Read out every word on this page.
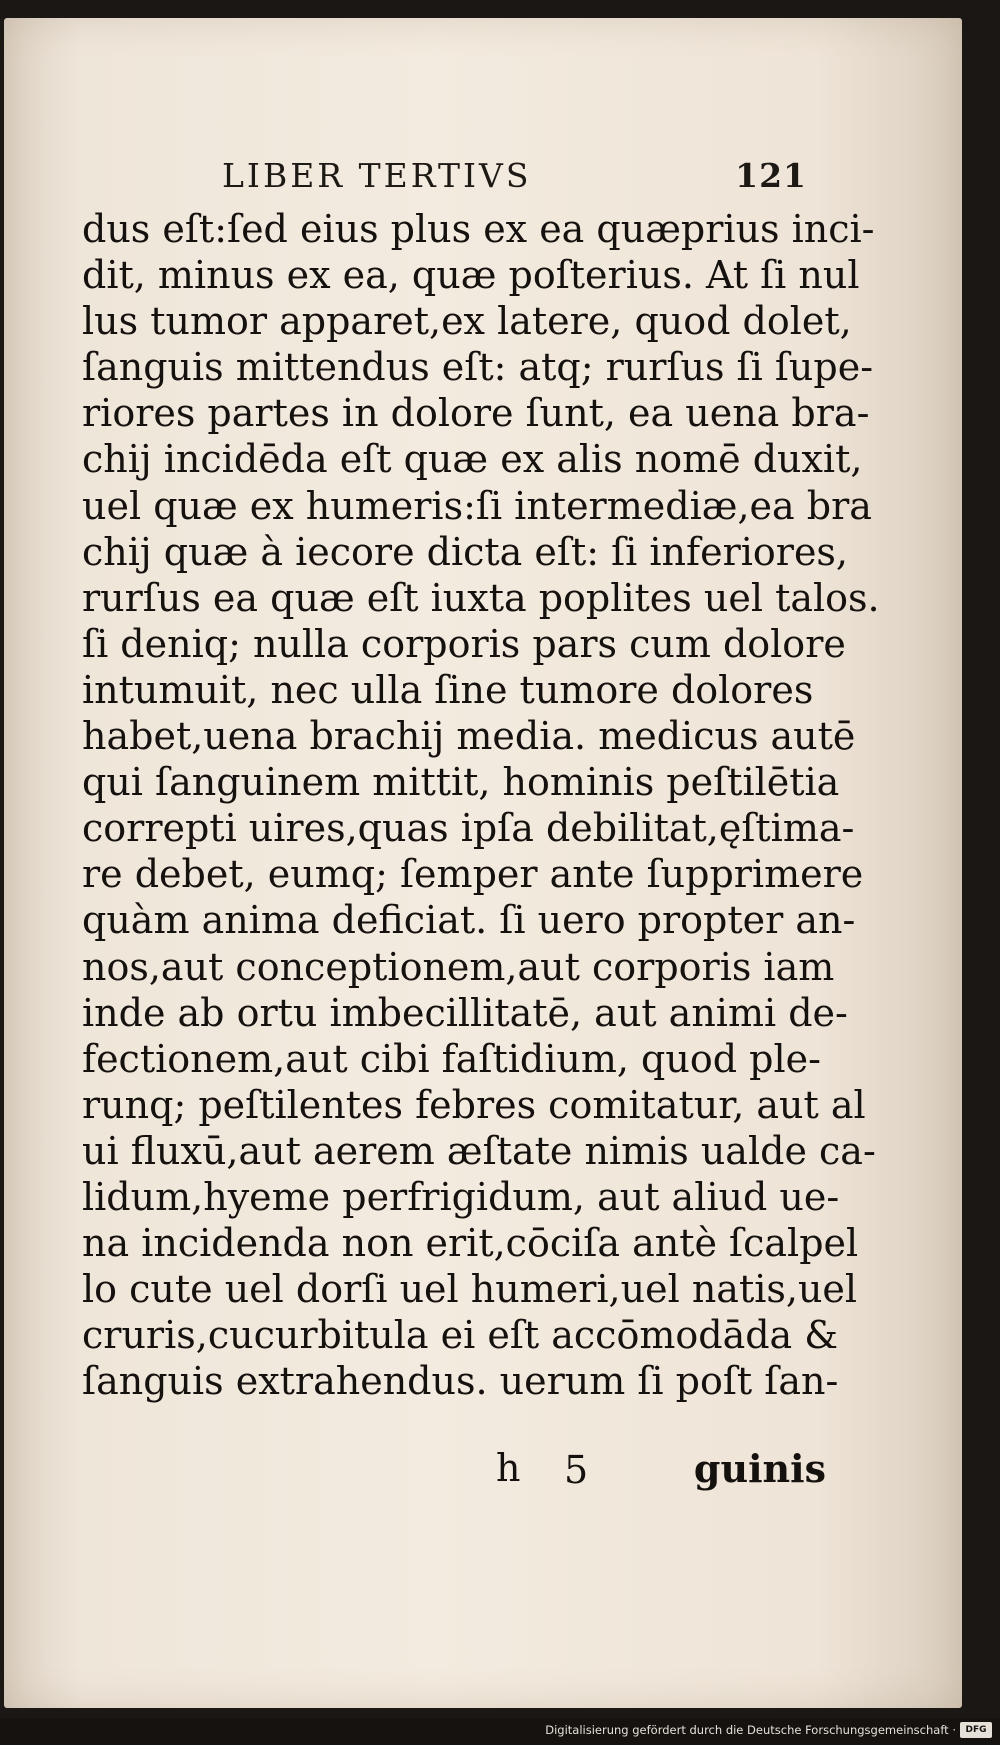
LIBER TERTIVS	121
dus eſt:ſed eius plus ex ea quæprius inci-
dit, minus ex ea, quæ poſterius. At ſi nul
lus tumor apparet,ex latere, quod dolet,
ſanguis mittendus eſt: atq; rurſus ſi ſupe-
riores partes in dolore ſunt, ea uena bra-
chij incidēda eſt quæ ex alis nomē duxit,
uel quæ ex humeris:ſi intermediæ,ea bra
chij quæ à iecore dicta eſt: ſi inferiores,
rurſus ea quæ eſt iuxta poplites uel talos.
ſi deniq; nulla corporis pars cum dolore
intumuit, nec ulla ſine tumore dolores
habet,uena brachij media. medicus autē
qui ſanguinem mittit, hominis peſtilētia
correpti uires,quas ipſa debilitat,ęſtima-
re debet, eumq; ſemper ante ſupprimere
quàm anima deficiat. ſi uero propter an-
nos,aut conceptionem,aut corporis iam
inde ab ortu imbecillitatē, aut animi de-
fectionem,aut cibi faſtidium, quod ple-
runq; peſtilentes febres comitatur, aut al
ui fluxū,aut aerem æſtate nimis ualde ca-
lidum,hyeme perfrigidum, aut aliud ue-
na incidenda non erit,cōciſa antè ſcalpel
lo cute uel dorſi uel humeri,uel natis,uel
cruris,cucurbitula ei eſt accōmodāda &
ſanguis extrahendus. uerum ſi poſt ſan-
h 5	guinis
Digitalisierung gefördert durch die Deutsche Forschungsgemeinschaft ·	DFG
